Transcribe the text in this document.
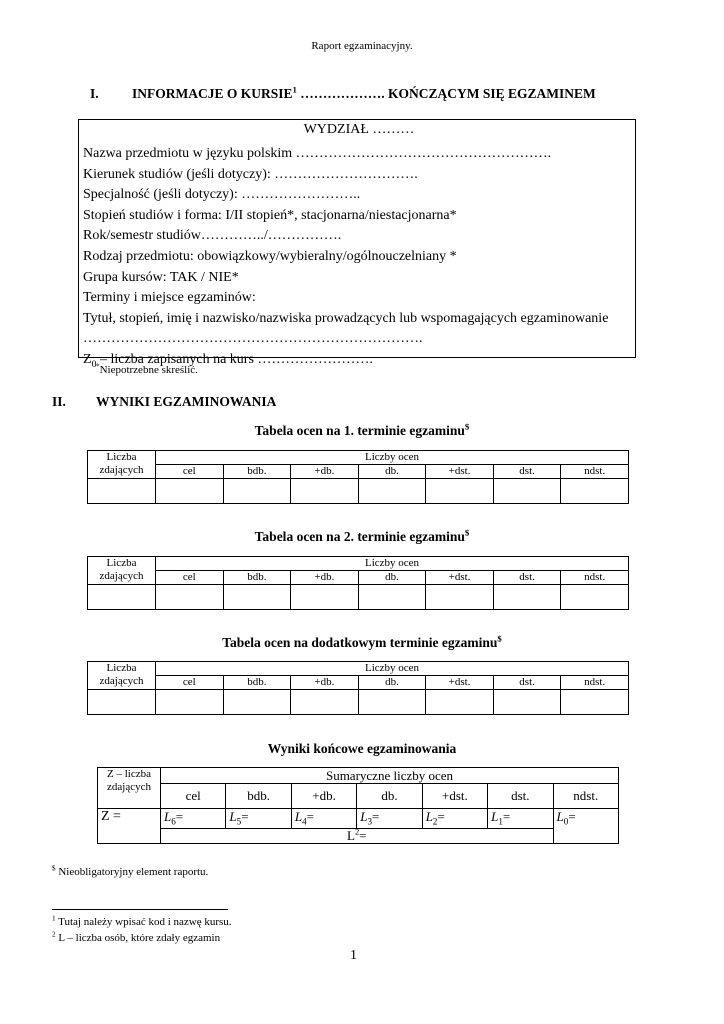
Raport egzaminacyjny.
I. INFORMACJE O KURSIE$^1$ ………………. KOŃCZĄCYM SIĘ EGZAMINEM
WYDZIAŁ ………
Nazwa przedmiotu w języku polskim ……………………………………………….
Kierunek studiów (jeśli dotyczy): ………………………….
Specjalność (jeśli dotyczy): ……………………..
Stopień studiów i forma: I/II stopień*, stacjonarna/niestacjonarna*
Rok/semestr studiów…………../…………….
Rodzaj przedmiotu: obowiązkowy/wybieralny/ogólnouczelniany *
Grupa kursów: TAK / NIE*
Terminy i miejsce egzaminów:
Tytuł, stopień, imię i nazwisko/nazwiska prowadzących lub wspomagających egzaminowanie
……………………………………………………………….
$Z_0$ – liczba zapisanych na kurs …………………….
*Niepotrzebne skreślić.
II. WYNIKI EGZAMINOWANIA
Tabela ocen na 1. terminie egzaminu$
Liczba zdających	Liczby ocen						
	cel	bdb.	+db.	db.	+dst.	dst.	ndst.

Tabela ocen na 2. terminie egzaminu$
Liczba zdających	Liczby ocen						
	cel	bdb.	+db.	db.	+dst.	dst.	ndst.

Tabela ocen na dodatkowym terminie egzaminu$
Liczba zdających	Liczby ocen						
	cel	bdb.	+db.	db.	+dst.	dst.	ndst.

Wyniki końcowe egzaminowania
Z – liczba zdających	Sumaryczne liczby ocen						
	cel	bdb.	+db.	db.	+dst.	dst.	ndst.
Z =	$L_6=$	$L_5=$	$L_4=$	$L_3=$	$L_2=$	$L_1=$	$L_0=$
	$L^2=$						
$ Nieobligatoryjny element raportu.
$^1$ Tutaj należy wpisać kod i nazwę kursu.
$^2$ L – liczba osób, które zdały egzamin
1
